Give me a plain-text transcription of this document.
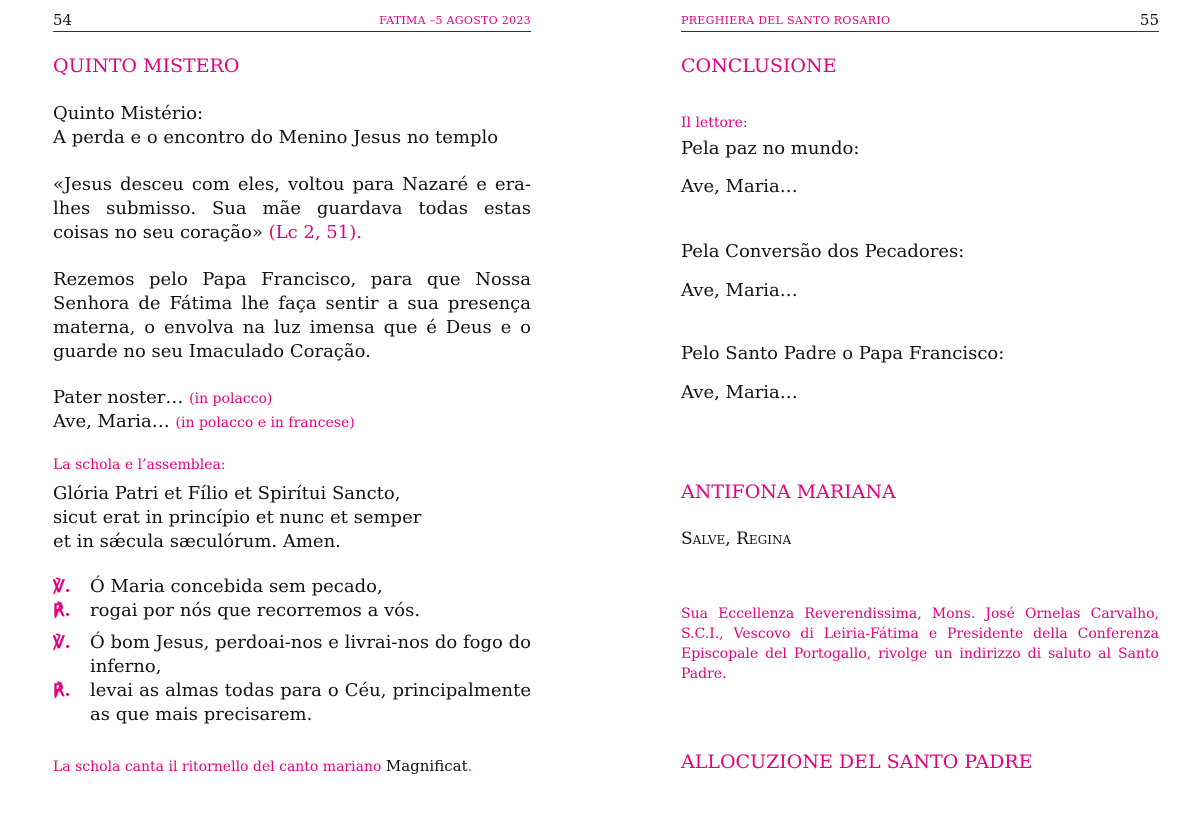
54	FATIMA –5 AGOSTO 2023
QUINTO MISTERO
Quinto Mistério:
A perda e o encontro do Menino Jesus no templo
«Jesus desceu com eles, voltou para Nazaré e era-lhes submisso. Sua mãe guardava todas estas coisas no seu coração» (Lc 2, 51).
Rezemos pelo Papa Francisco, para que Nossa Senhora de Fátima lhe faça sentir a sua presença materna, o envolva na luz imensa que é Deus e o guarde no seu Imaculado Coração.
Pater noster… (in polacco)
Ave, Maria… (in polacco e in francese)
La schola e l’assemblea:
Glória Patri et Fílio et Spirítui Sancto,
sicut erat in princípio et nunc et semper
et in sǽcula sæculórum. Amen.
℣.	Ó Maria concebida sem pecado,
℟.	rogai por nós que recorremos a vós.
℣.	Ó bom Jesus, perdoai-nos e livrai-nos do fogo do inferno,
℟.	levai as almas todas para o Céu, principalmente as que mais precisarem.
La schola canta il ritornello del canto mariano Magnificat.
PREGHIERA DEL SANTO ROSARIO	55
CONCLUSIONE
Il lettore:
Pela paz no mundo:
Ave, Maria…
Pela Conversão dos Pecadores:
Ave, Maria…
Pelo Santo Padre o Papa Francisco:
Ave, Maria…
ANTIFONA MARIANA
Salve, Regina
Sua Eccellenza Reverendissima, Mons. José Ornelas Carvalho, S.C.I., Vescovo di Leiria-Fátima e Presidente della Conferenza Episcopale del Portogallo, rivolge un indirizzo di saluto al Santo Padre.
ALLOCUZIONE DEL SANTO PADRE
